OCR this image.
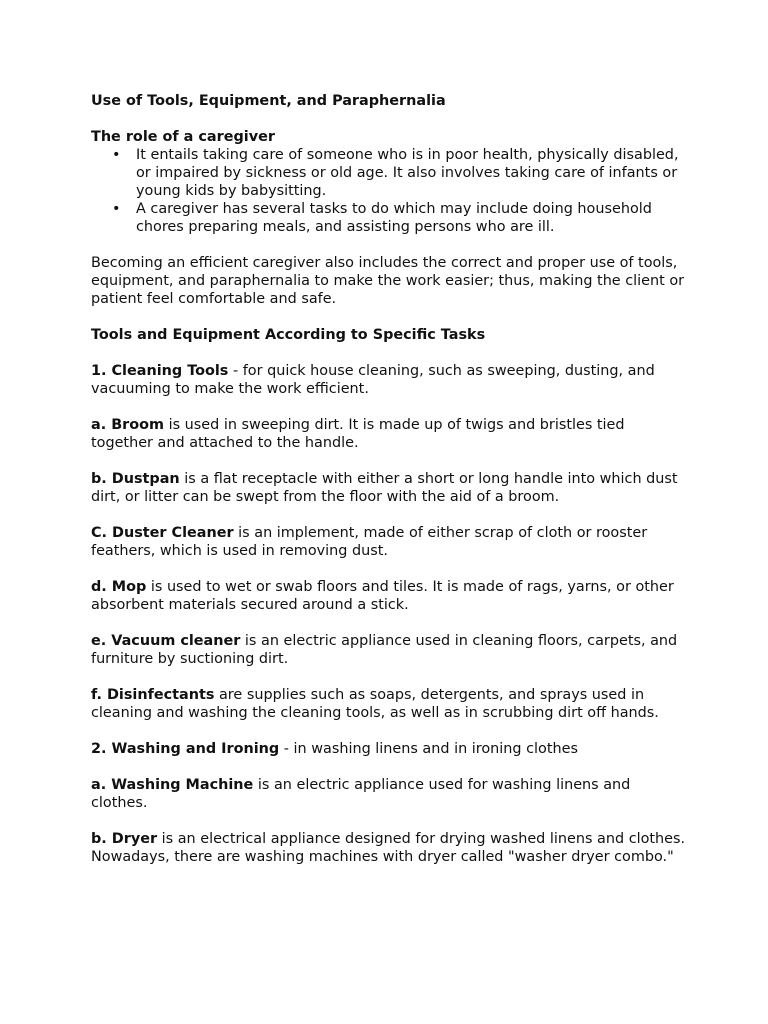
Use of Tools, Equipment, and Paraphernalia

The role of a caregiver

• It entails taking care of someone who is in poor health, physically disabled, or impaired by sickness or old age. It also involves taking care of infants or young kids by babysitting.
• A caregiver has several tasks to do which may include doing household chores preparing meals, and assisting persons who are ill.

Becoming an efficient caregiver also includes the correct and proper use of tools, equipment, and paraphernalia to make the work easier; thus, making the client or patient feel comfortable and safe.

Tools and Equipment According to Specific Tasks

1. Cleaning Tools - for quick house cleaning, such as sweeping, dusting, and vacuuming to make the work efficient.

a. Broom is used in sweeping dirt. It is made up of twigs and bristles tied together and attached to the handle.

b. Dustpan is a flat receptacle with either a short or long handle into which dust dirt, or litter can be swept from the floor with the aid of a broom.

C. Duster Cleaner is an implement, made of either scrap of cloth or rooster feathers, which is used in removing dust.

d. Mop is used to wet or swab floors and tiles. It is made of rags, yarns, or other absorbent materials secured around a stick.

e. Vacuum cleaner is an electric appliance used in cleaning floors, carpets, and furniture by suctioning dirt.

f. Disinfectants are supplies such as soaps, detergents, and sprays used in cleaning and washing the cleaning tools, as well as in scrubbing dirt off hands.

2. Washing and Ironing - in washing linens and in ironing clothes

a. Washing Machine is an electric appliance used for washing linens and clothes.

b. Dryer is an electrical appliance designed for drying washed linens and clothes. Nowadays, there are washing machines with dryer called "washer dryer combo."
